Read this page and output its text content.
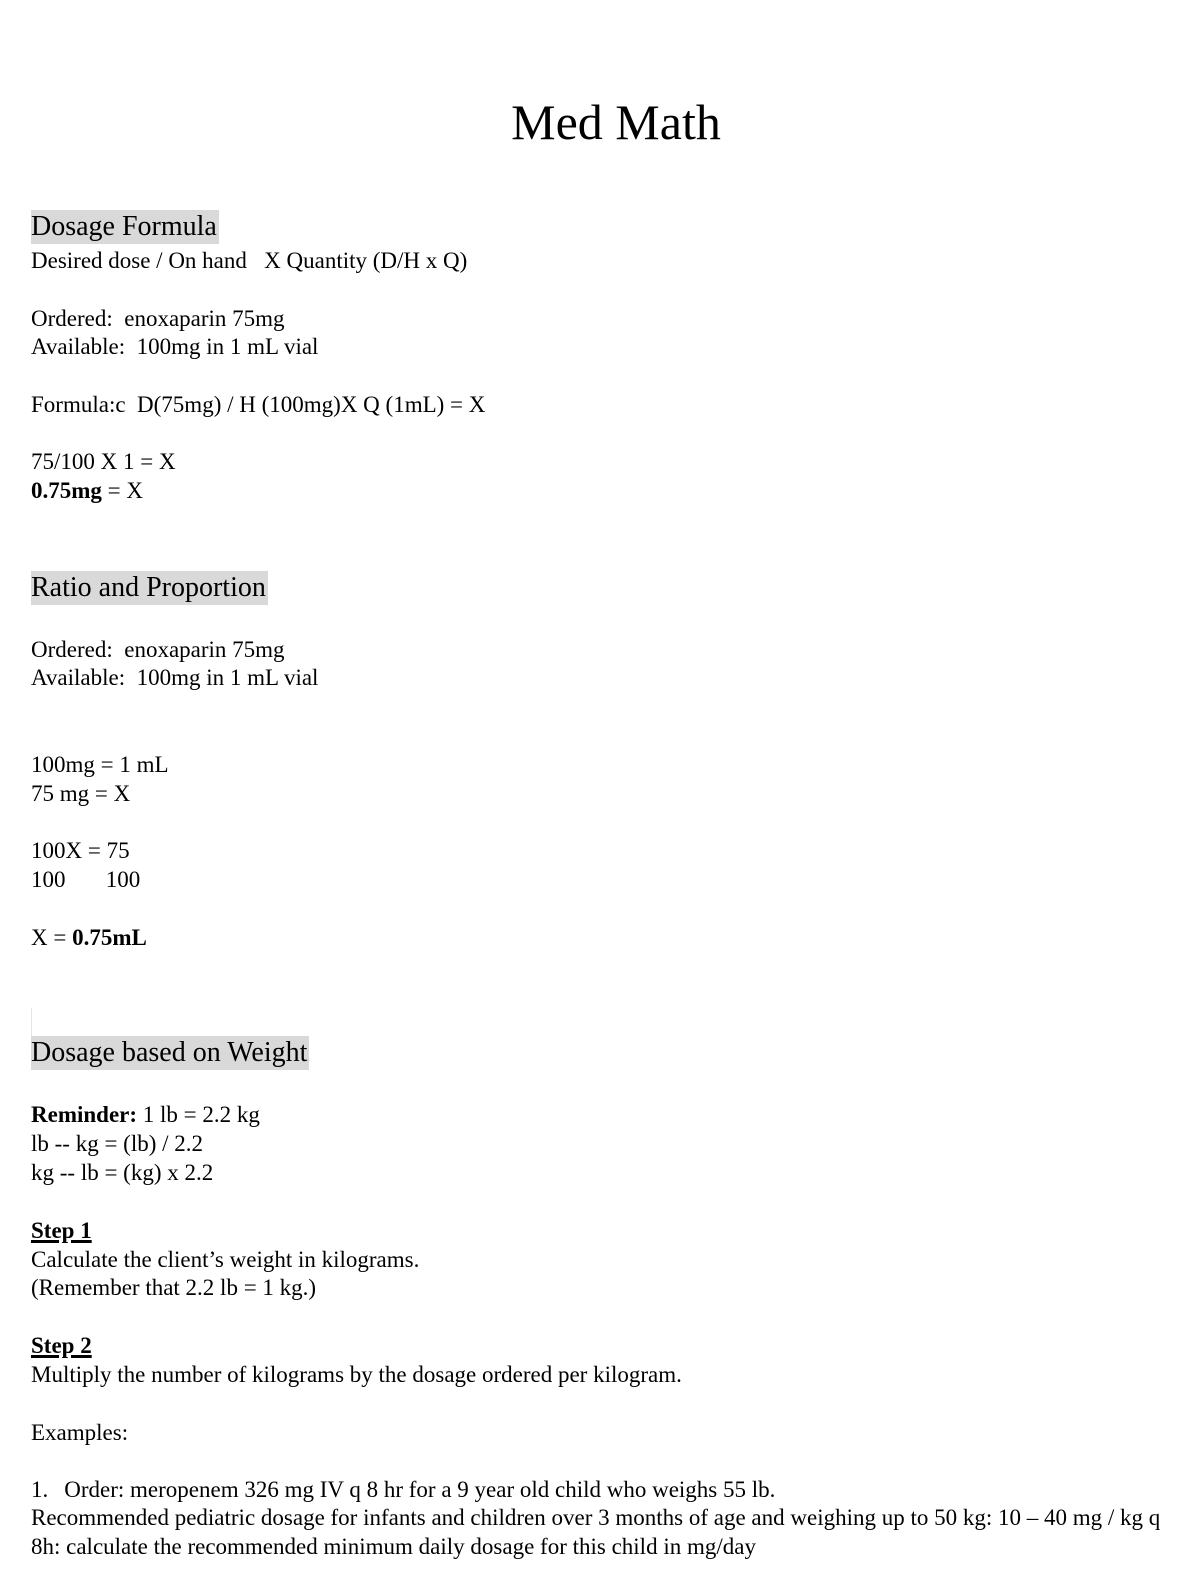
Med Math
Dosage Formula
Desired dose / On hand   X Quantity (D/H x Q)
Ordered:  enoxaparin 75mg
Available:  100mg in 1 mL vial
Formula:c  D(75mg) / H (100mg)X Q (1mL) = X
75/100 X 1 = X
0.75mg = X
Ratio and Proportion
Ordered:  enoxaparin 75mg
Available:  100mg in 1 mL vial
100mg = 1 mL
75 mg = X
100X = 75
100       100
X = 0.75mL
Dosage based on Weight
Reminder: 1 lb = 2.2 kg
lb -- kg = (lb) / 2.2
kg -- lb = (kg) x 2.2
Step 1
Calculate the client’s weight in kilograms.
(Remember that 2.2 lb = 1 kg.)
Step 2
Multiply the number of kilograms by the dosage ordered per kilogram.
Examples:
1. Order: meropenem 326 mg IV q 8 hr for a 9 year old child who weighs 55 lb.
Recommended pediatric dosage for infants and children over 3 months of age and weighing up to 50 kg: 10 – 40 mg / kg q 8h: calculate the recommended minimum daily dosage for this child in mg/day
